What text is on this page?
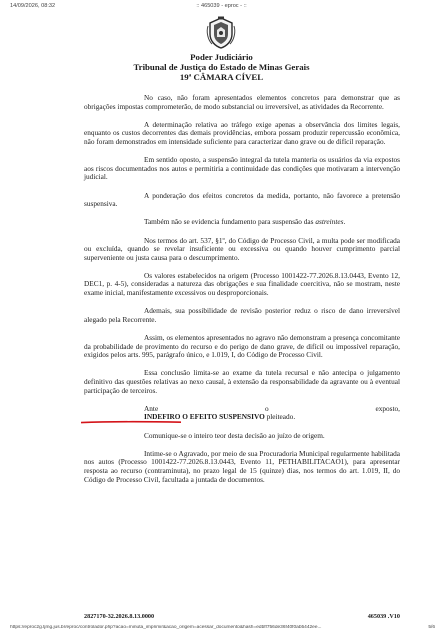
14/09/2026, 08:32	:: 465039 - eproc - ::
Poder Judiciário
Tribunal de Justiça do Estado de Minas Gerais
19ª CÂMARA CÍVEL

No caso, não foram apresentados elementos concretos para demonstrar que as obrigações impostas comprometerão, de modo substancial ou irreversível, as atividades da Recorrente.

A determinação relativa ao tráfego exige apenas a observância dos limites legais, enquanto os custos decorrentes das demais providências, embora possam produzir repercussão econômica, não foram demonstrados em intensidade suficiente para caracterizar dano grave ou de difícil reparação.

Em sentido oposto, a suspensão integral da tutela manteria os usuários da via expostos aos riscos documentados nos autos e permitiria a continuidade das condições que motivaram a intervenção judicial.

A ponderação dos efeitos concretos da medida, portanto, não favorece a pretensão suspensiva.

Também não se evidencia fundamento para suspensão das astreintes.

Nos termos do art. 537, §1º, do Código de Processo Civil, a multa pode ser modificada ou excluída, quando se revelar insuficiente ou excessiva ou quando houver cumprimento parcial superveniente ou justa causa para o descumprimento.

Os valores estabelecidos na origem (Processo 1001422-77.2026.8.13.0443, Evento 12, DEC1, p. 4-5), consideradas a natureza das obrigações e sua finalidade coercitiva, não se mostram, neste exame inicial, manifestamente excessivos ou desproporcionais.

Ademais, sua possibilidade de revisão posterior reduz o risco de dano irreversível alegado pela Recorrente.

Assim, os elementos apresentados no agravo não demonstram a presença concomitante da probabilidade de provimento do recurso e do perigo de dano grave, de difícil ou impossível reparação, exigidos pelos arts. 995, parágrafo único, e 1.019, I, do Código de Processo Civil.

Essa conclusão limita-se ao exame da tutela recursal e não antecipa o julgamento definitivo das questões relativas ao nexo causal, à extensão da responsabilidade da agravante ou à eventual participação de terceiros.

Ante o exposto, INDEFIRO O EFEITO SUSPENSIVO pleiteado.

Comunique-se o inteiro teor desta decisão ao juízo de origem.

Intime-se o Agravado, por meio de sua Procuradoria Municipal regularmente habilitada nos autos (Processo 1001422-77.2026.8.13.0443, Evento 11, PETHABILITACAO1), para apresentar resposta ao recurso (contraminuta), no prazo legal de 15 (quinze) dias, nos termos do art. 1.019, II, do Código de Processo Civil, facultada a juntada de documentos.

2827170-32.2026.8.13.0000	465039 .V10
https://eproc2g.tjmg.jus.br/eproc/controlador.php?acao=minuta_imprimir&acao_origem=acessar_documento&hash=edbff756de36f40f0ab5442ee...	5/6
